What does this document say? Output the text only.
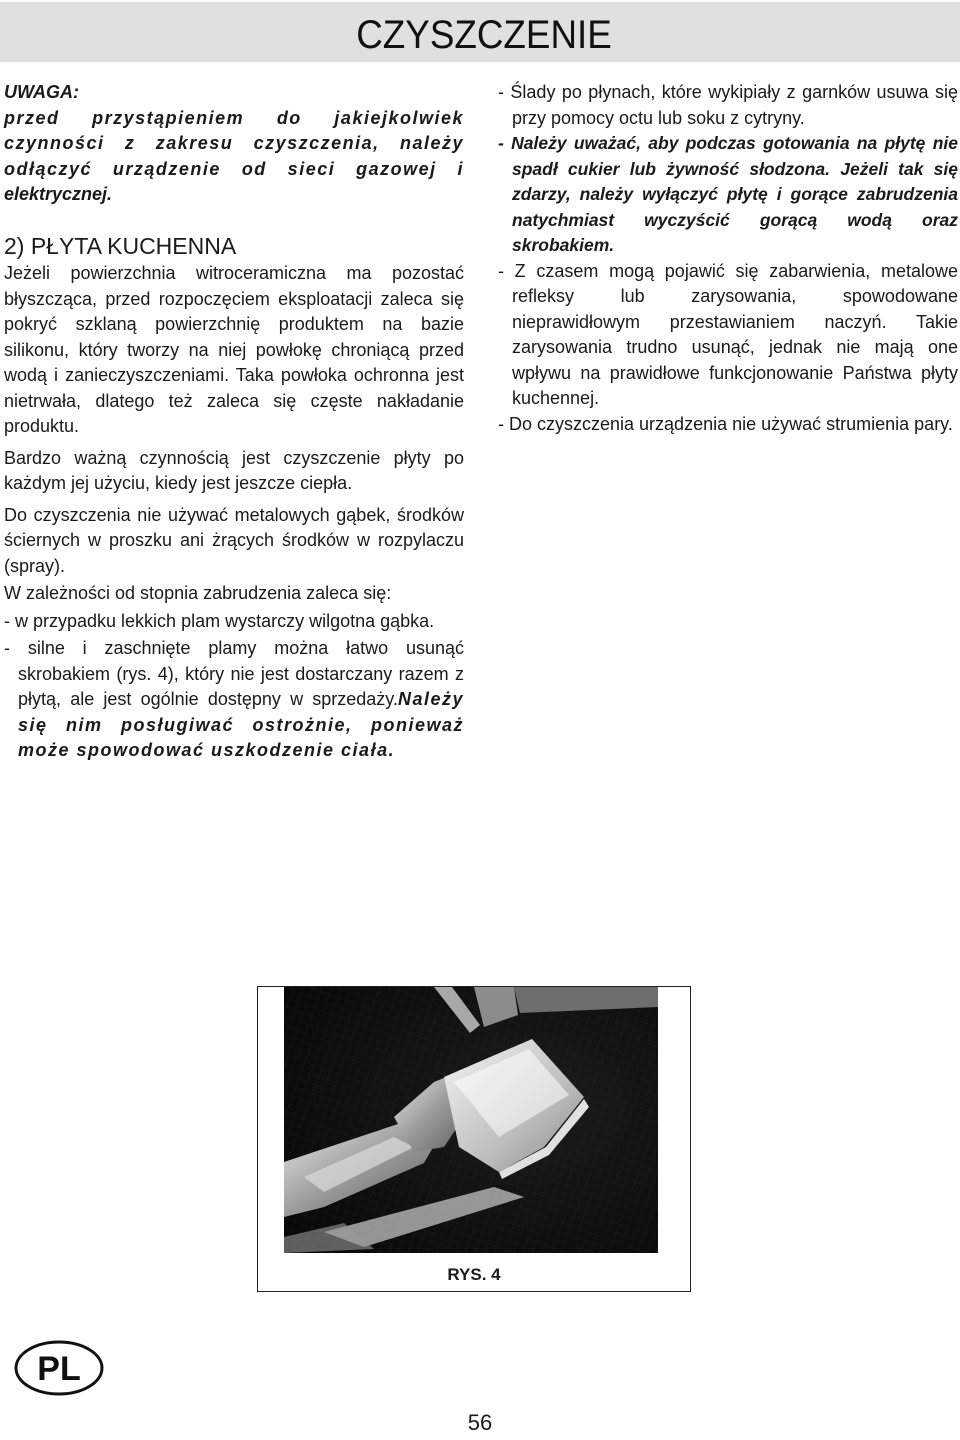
CZYSZCZENIE

UWAGA:

przed przystąpieniem do jakiejkolwiek

czynności z zakresu czyszczenia, należy

odłączyć urządzenie od sieci gazowej i

elektrycznej.

2) PŁYTA KUCHENNA

Jeżeli powierzchnia witroceramiczna ma pozostać błyszcząca, przed rozpoczęciem eksploatacji zaleca się pokryć szklaną powierzchnię produktem na bazie silikonu, który tworzy na niej powłokę chroniącą przed wodą i zanieczyszczeniami. Taka powłoka ochronna jest nietrwała, dlatego też zaleca się częste nakładanie produktu.

Bardzo ważną czynnością jest czyszczenie płyty po każdym jej użyciu, kiedy jest jeszcze ciepła.

Do czyszczenia nie używać metalowych gąbek, środków ściernych w proszku ani żrących środków w rozpylaczu (spray).

W zależności od stopnia zabrudzenia zaleca się:

- w przypadku lekkich plam wystarczy wilgotna gąbka.

- silne i zaschnięte plamy można łatwo usunąć skrobakiem (rys. 4), który nie jest dostarczany razem z płytą, ale jest ogólnie dostępny w sprzedaży.Należy się nim posługiwać ostrożnie, ponieważ może spowodować uszkodzenie ciała.

- Ślady po płynach, które wykipiały z garnków usuwa się przy pomocy octu lub soku z cytryny.

- Należy uważać, aby podczas gotowania na płytę nie spadł cukier lub żywność słodzona. Jeżeli tak się zdarzy, należy wyłączyć płytę i gorące zabrudzenia natychmiast wyczyścić gorącą wodą oraz skrobakiem.

- Z czasem mogą pojawić się zabarwienia, metalowe refleksy lub zarysowania, spowodowane nieprawidłowym przestawianiem naczyń. Takie zarysowania trudno usunąć, jednak nie mają one wpływu na prawidłowe funkcjonowanie Państwa płyty kuchennej.

- Do czyszczenia urządzenia nie używać strumienia pary.

RYS. 4
PL
56
